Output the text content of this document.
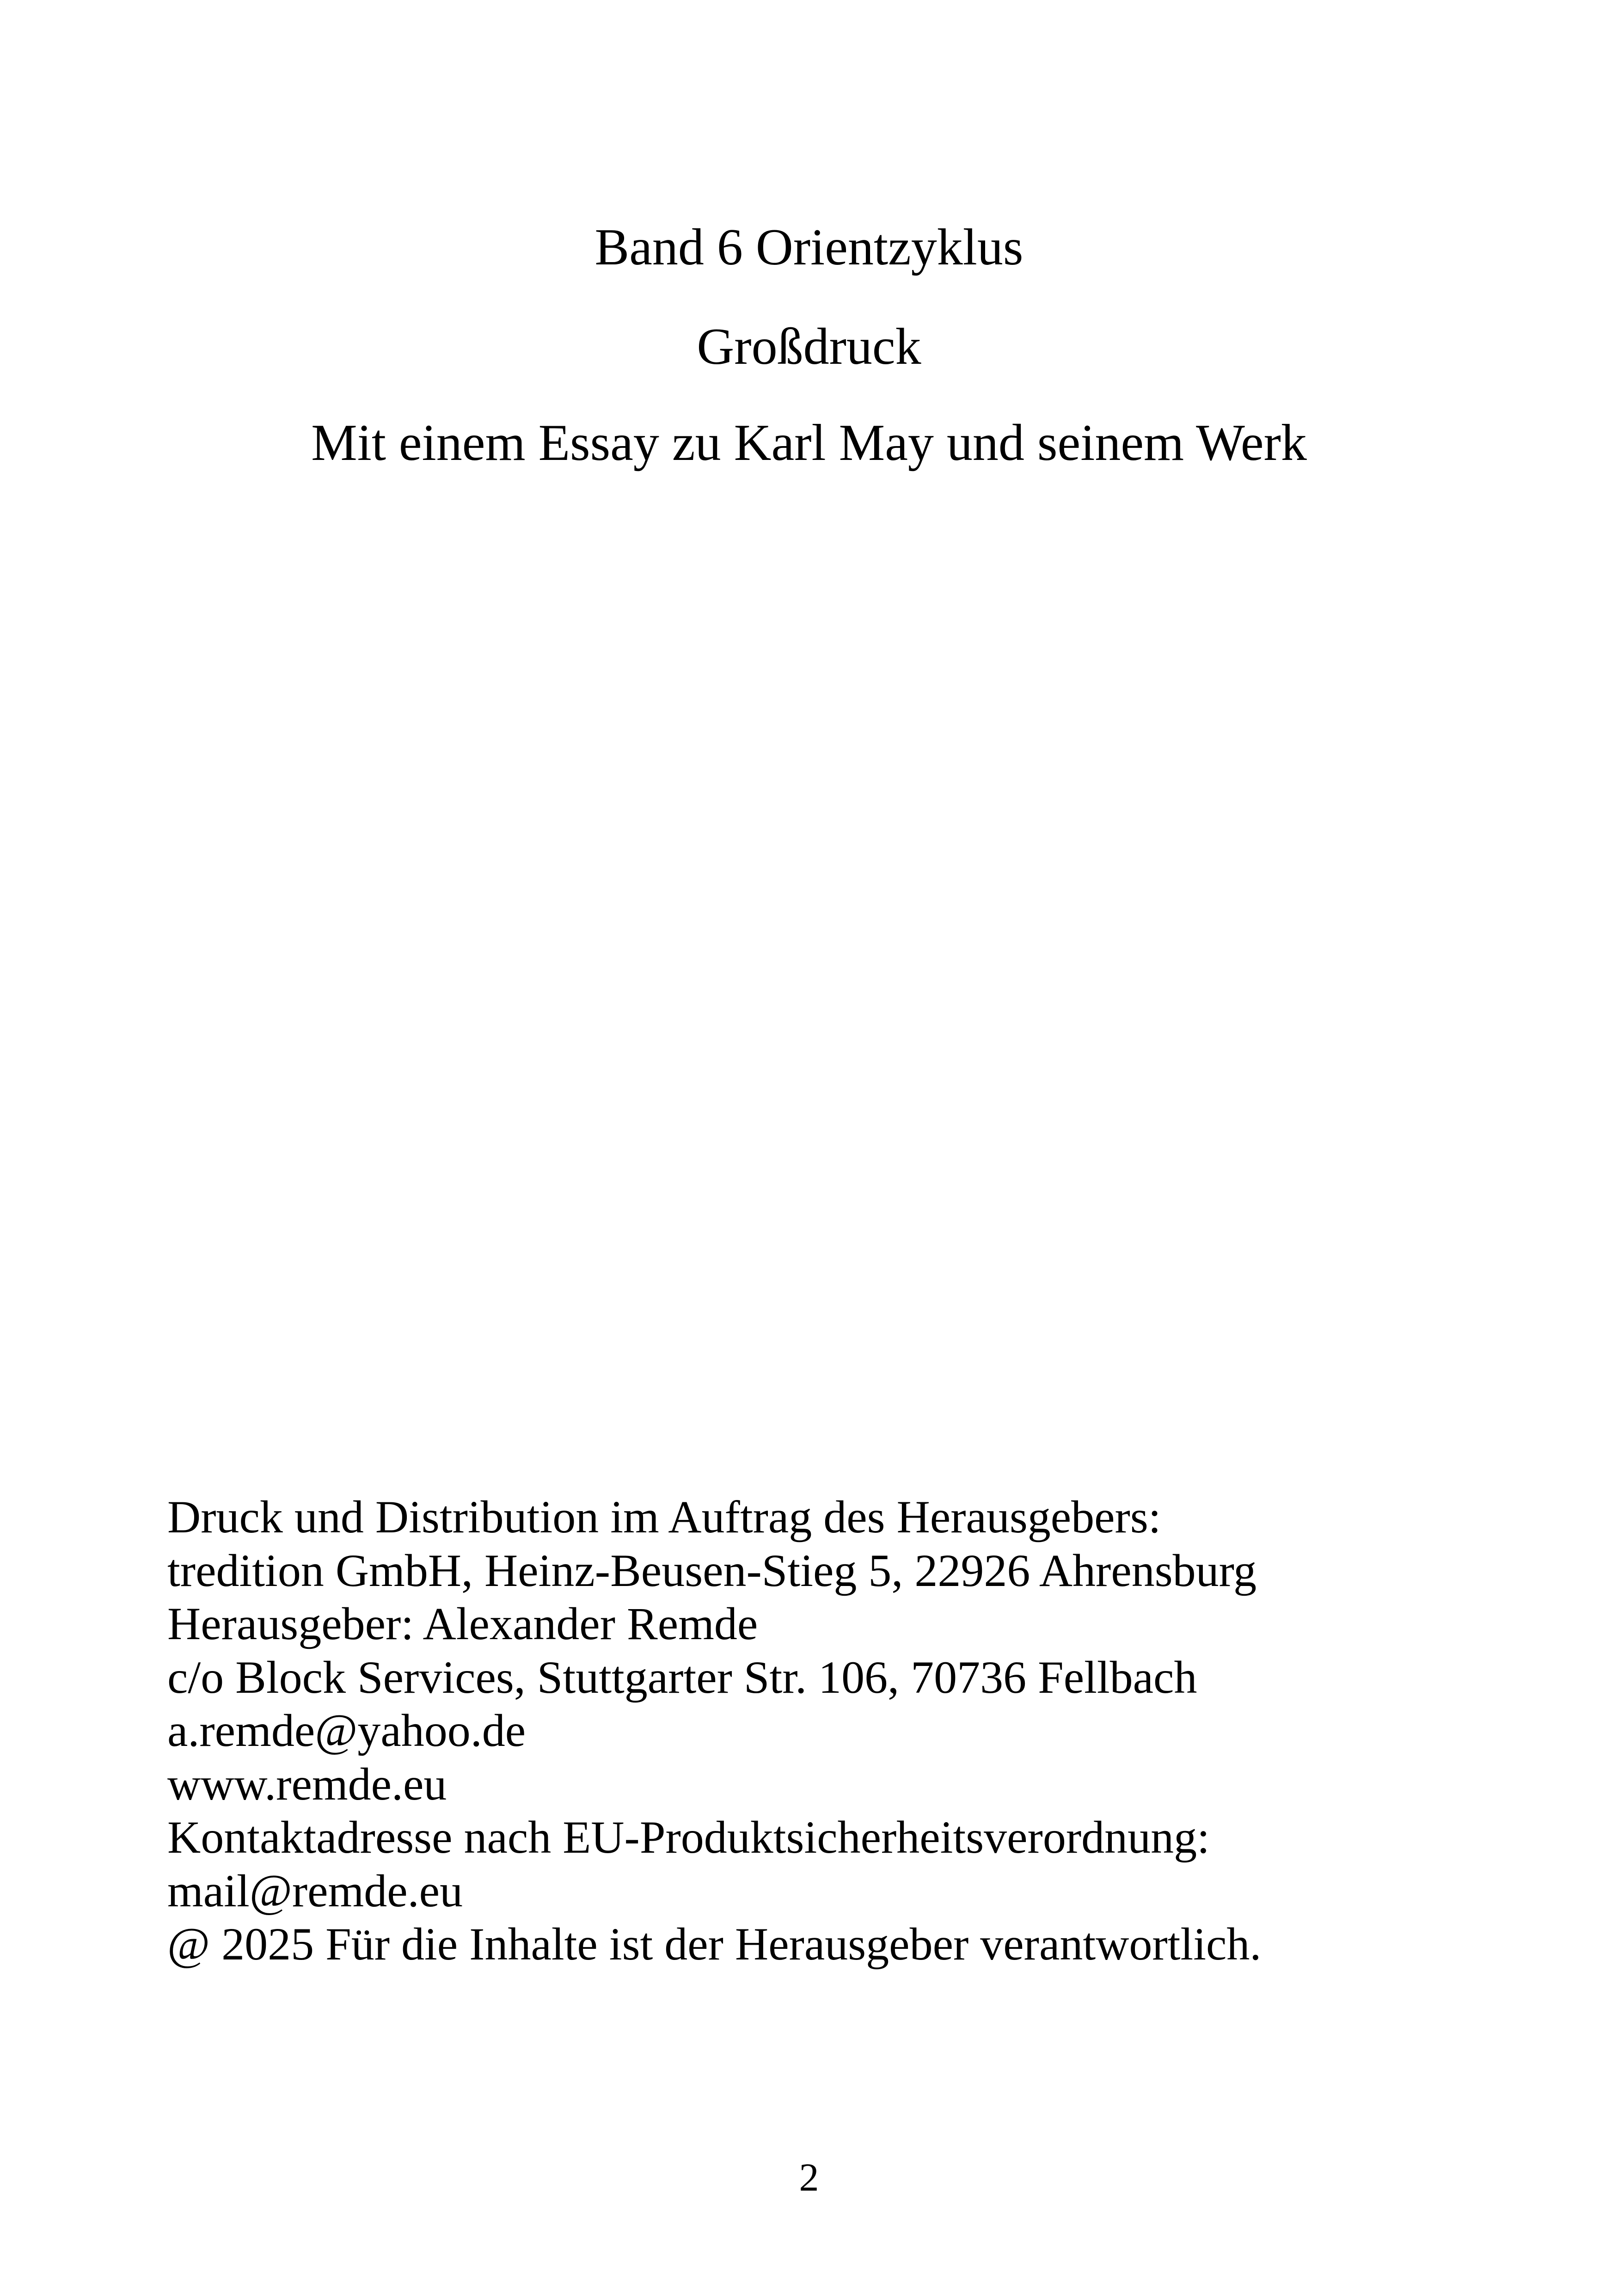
Band 6 Orientzyklus
Großdruck
Mit einem Essay zu Karl May und seinem Werk
Druck und Distribution im Auftrag des Herausgebers:
tredition GmbH, Heinz-Beusen-Stieg 5, 22926 Ahrensburg
Herausgeber: Alexander Remde
c/o Block Services, Stuttgarter Str. 106, 70736 Fellbach
a.remde@yahoo.de
www.remde.eu
Kontaktadresse nach EU-Produktsicherheitsverordnung:
mail@remde.eu
@ 2025 Für die Inhalte ist der Herausgeber verantwortlich.
2
